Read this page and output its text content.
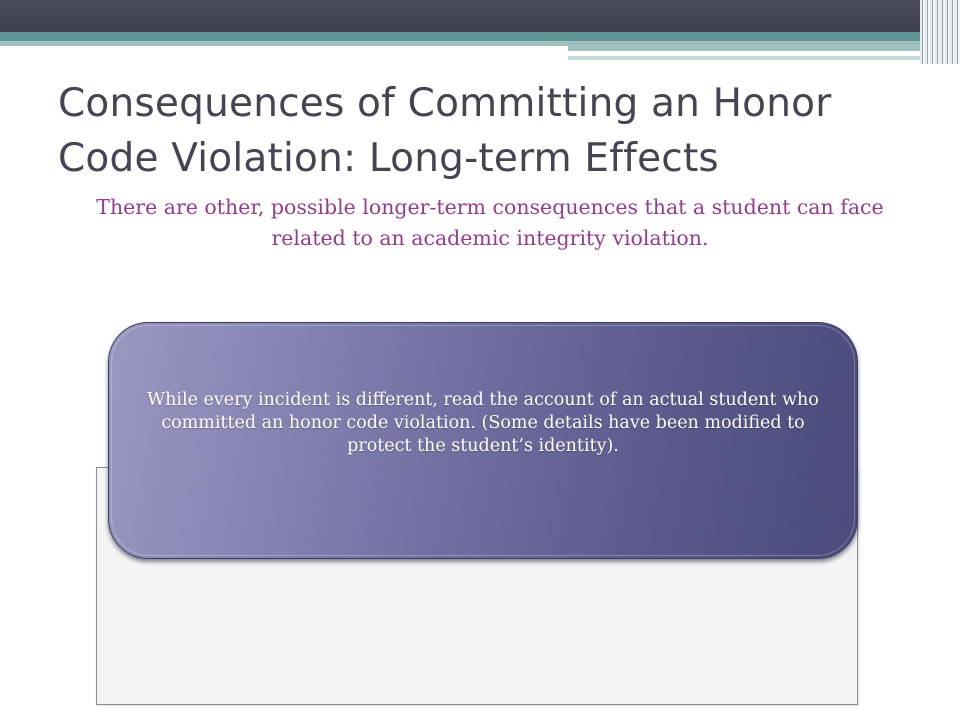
Consequences of Committing an Honor
Code Violation: Long-term Effects

There are other, possible longer-term consequences that a student can face related to an academic integrity violation.

While every incident is different, read the account of an actual student who committed an honor code violation. (Some details have been modified to protect the student’s identity).
